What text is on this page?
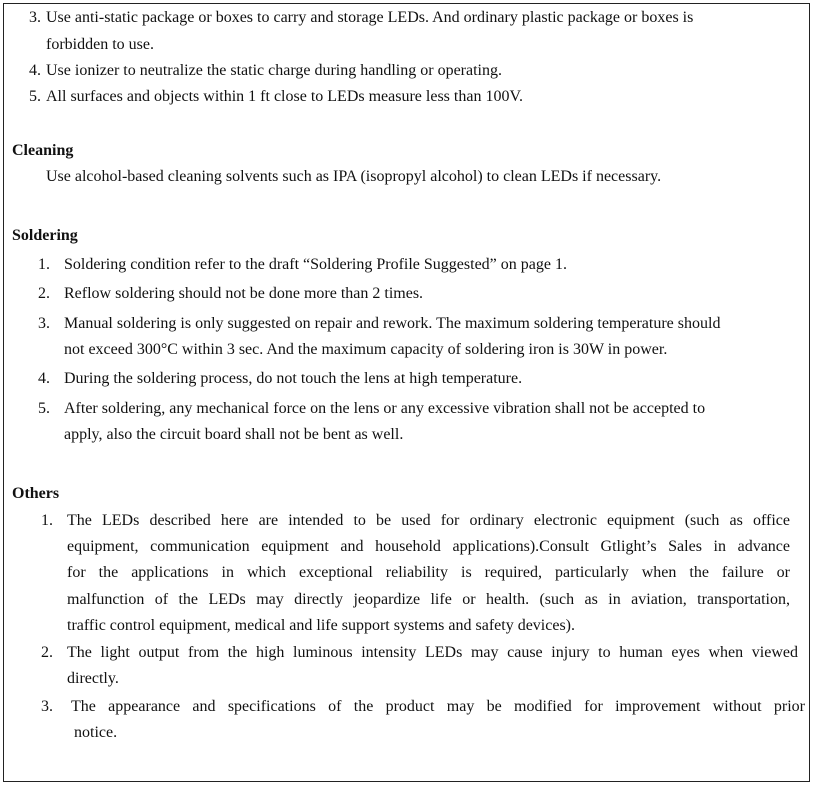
3. Use anti-static package or boxes to carry and storage LEDs. And ordinary plastic package or boxes is
forbidden to use.
4. Use ionizer to neutralize the static charge during handling or operating.
5. All surfaces and objects within 1 ft close to LEDs measure less than 100V.
Cleaning
Use alcohol-based cleaning solvents such as IPA (isopropyl alcohol) to clean LEDs if necessary.
Soldering
1. Soldering condition refer to the draft “Soldering Profile Suggested” on page 1.
2. Reflow soldering should not be done more than 2 times.
3. Manual soldering is only suggested on repair and rework. The maximum soldering temperature should
not exceed 300°C within 3 sec. And the maximum capacity of soldering iron is 30W in power.
4. During the soldering process, do not touch the lens at high temperature.
5. After soldering, any mechanical force on the lens or any excessive vibration shall not be accepted to
apply, also the circuit board shall not be bent as well.
Others
1. The LEDs described here are intended to be used for ordinary electronic equipment (such as office
equipment, communication equipment and household applications).Consult Gtlight’s Sales in advance
for the applications in which exceptional reliability is required, particularly when the failure or
malfunction of the LEDs may directly jeopardize life or health. (such as in aviation, transportation,
traffic control equipment, medical and life support systems and safety devices).
2. The light output from the high luminous intensity LEDs may cause injury to human eyes when viewed
directly.
3. The appearance and specifications of the product may be modified for improvement without prior
notice.
